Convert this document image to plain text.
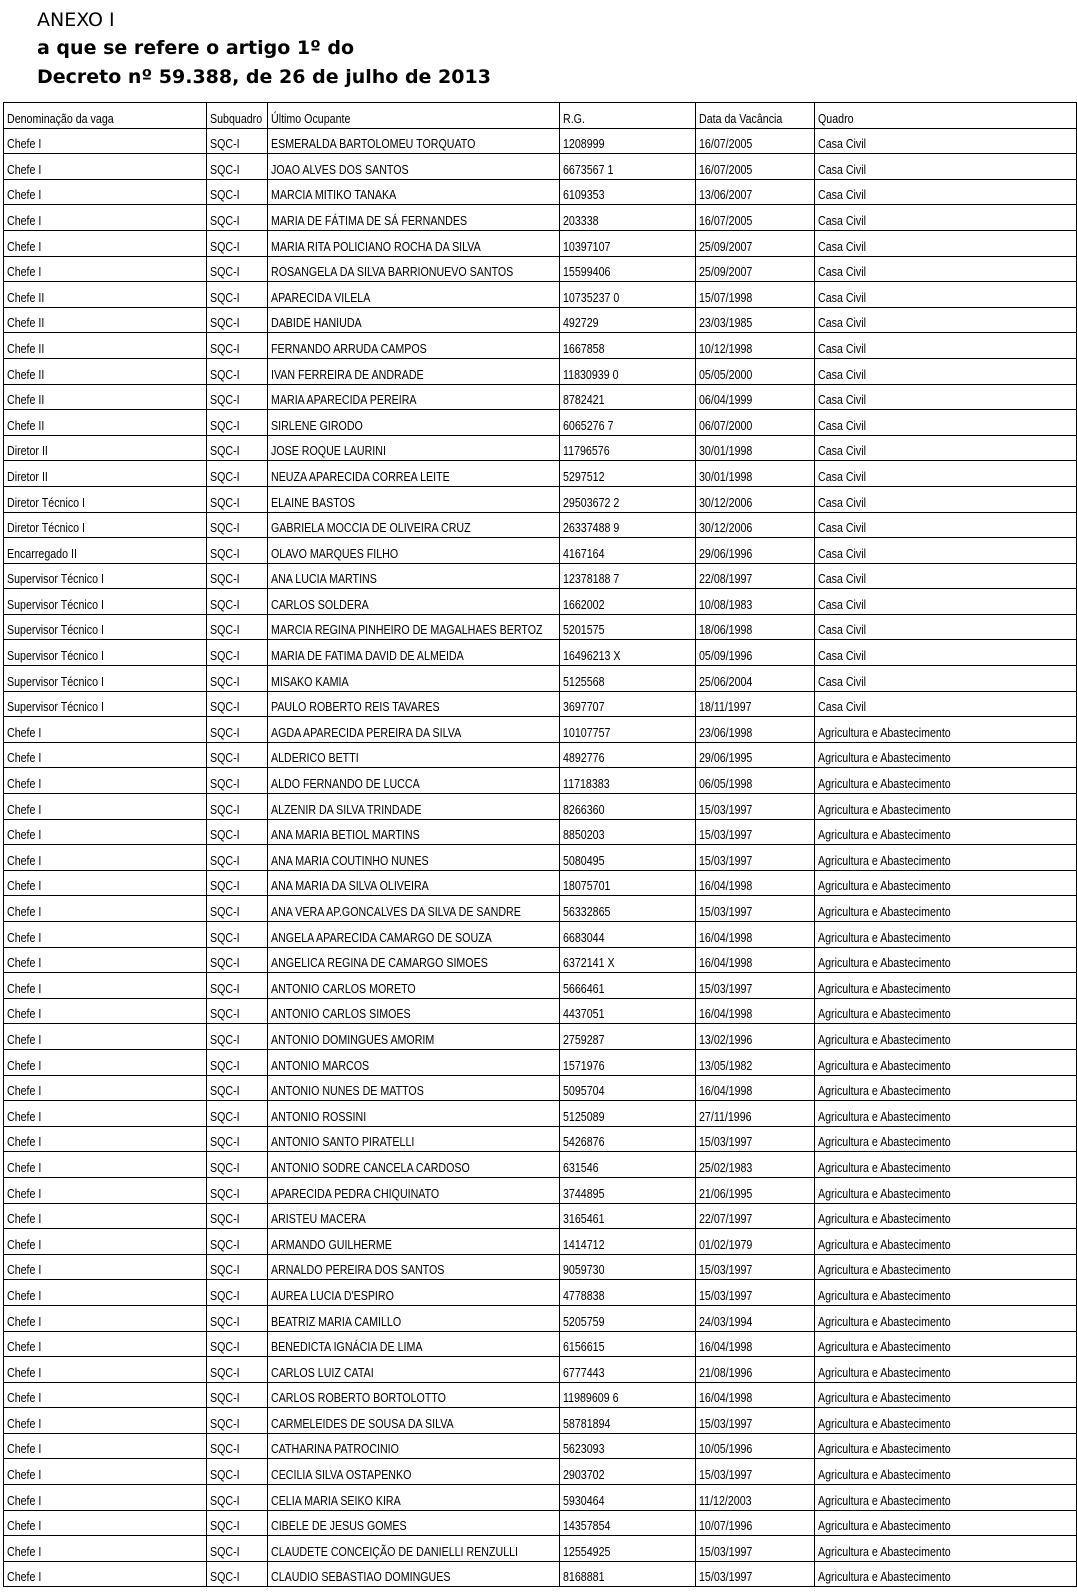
ANEXO I

a que se refere o artigo 1º do

Decreto nº 59.388, de 26 de julho de 2013

Denominação da vaga	Subquadro	Último Ocupante	R.G.	Data da Vacância	Quadro
Chefe I	SQC-I	ESMERALDA BARTOLOMEU TORQUATO	1208999	16/07/2005	Casa Civil
Chefe I	SQC-I	JOAO ALVES DOS SANTOS	6673567 1	16/07/2005	Casa Civil
Chefe I	SQC-I	MARCIA MITIKO TANAKA	6109353	13/06/2007	Casa Civil
Chefe I	SQC-I	MARIA DE FÁTIMA DE SÁ FERNANDES	203338	16/07/2005	Casa Civil
Chefe I	SQC-I	MARIA RITA POLICIANO ROCHA DA SILVA	10397107	25/09/2007	Casa Civil
Chefe I	SQC-I	ROSANGELA DA SILVA BARRIONUEVO SANTOS	15599406	25/09/2007	Casa Civil
Chefe II	SQC-I	APARECIDA VILELA	10735237 0	15/07/1998	Casa Civil
Chefe II	SQC-I	DABIDE HANIUDA	492729	23/03/1985	Casa Civil
Chefe II	SQC-I	FERNANDO ARRUDA CAMPOS	1667858	10/12/1998	Casa Civil
Chefe II	SQC-I	IVAN FERREIRA DE ANDRADE	11830939 0	05/05/2000	Casa Civil
Chefe II	SQC-I	MARIA APARECIDA PEREIRA	8782421	06/04/1999	Casa Civil
Chefe II	SQC-I	SIRLENE GIRODO	6065276 7	06/07/2000	Casa Civil
Diretor II	SQC-I	JOSE ROQUE LAURINI	11796576	30/01/1998	Casa Civil
Diretor II	SQC-I	NEUZA APARECIDA CORREA LEITE	5297512	30/01/1998	Casa Civil
Diretor Técnico I	SQC-I	ELAINE BASTOS	29503672 2	30/12/2006	Casa Civil
Diretor Técnico I	SQC-I	GABRIELA MOCCIA DE OLIVEIRA CRUZ	26337488 9	30/12/2006	Casa Civil
Encarregado II	SQC-I	OLAVO MARQUES FILHO	4167164	29/06/1996	Casa Civil
Supervisor Técnico I	SQC-I	ANA LUCIA MARTINS	12378188 7	22/08/1997	Casa Civil
Supervisor Técnico I	SQC-I	CARLOS SOLDERA	1662002	10/08/1983	Casa Civil
Supervisor Técnico I	SQC-I	MARCIA REGINA PINHEIRO DE MAGALHAES BERTOZ	5201575	18/06/1998	Casa Civil
Supervisor Técnico I	SQC-I	MARIA DE FATIMA DAVID DE ALMEIDA	16496213 X	05/09/1996	Casa Civil
Supervisor Técnico I	SQC-I	MISAKO KAMIA	5125568	25/06/2004	Casa Civil
Supervisor Técnico I	SQC-I	PAULO ROBERTO REIS TAVARES	3697707	18/11/1997	Casa Civil
Chefe I	SQC-I	AGDA APARECIDA PEREIRA DA SILVA	10107757	23/06/1998	Agricultura e Abastecimento
Chefe I	SQC-I	ALDERICO BETTI	4892776	29/06/1995	Agricultura e Abastecimento
Chefe I	SQC-I	ALDO FERNANDO DE LUCCA	11718383	06/05/1998	Agricultura e Abastecimento
Chefe I	SQC-I	ALZENIR DA SILVA TRINDADE	8266360	15/03/1997	Agricultura e Abastecimento
Chefe I	SQC-I	ANA MARIA BETIOL MARTINS	8850203	15/03/1997	Agricultura e Abastecimento
Chefe I	SQC-I	ANA MARIA COUTINHO NUNES	5080495	15/03/1997	Agricultura e Abastecimento
Chefe I	SQC-I	ANA MARIA DA SILVA OLIVEIRA	18075701	16/04/1998	Agricultura e Abastecimento
Chefe I	SQC-I	ANA VERA AP.GONCALVES DA SILVA DE SANDRE	56332865	15/03/1997	Agricultura e Abastecimento
Chefe I	SQC-I	ANGELA APARECIDA CAMARGO DE SOUZA	6683044	16/04/1998	Agricultura e Abastecimento
Chefe I	SQC-I	ANGELICA REGINA DE CAMARGO SIMOES	6372141 X	16/04/1998	Agricultura e Abastecimento
Chefe I	SQC-I	ANTONIO CARLOS MORETO	5666461	15/03/1997	Agricultura e Abastecimento
Chefe I	SQC-I	ANTONIO CARLOS SIMOES	4437051	16/04/1998	Agricultura e Abastecimento
Chefe I	SQC-I	ANTONIO DOMINGUES AMORIM	2759287	13/02/1996	Agricultura e Abastecimento
Chefe I	SQC-I	ANTONIO MARCOS	1571976	13/05/1982	Agricultura e Abastecimento
Chefe I	SQC-I	ANTONIO NUNES DE MATTOS	5095704	16/04/1998	Agricultura e Abastecimento
Chefe I	SQC-I	ANTONIO ROSSINI	5125089	27/11/1996	Agricultura e Abastecimento
Chefe I	SQC-I	ANTONIO SANTO PIRATELLI	5426876	15/03/1997	Agricultura e Abastecimento
Chefe I	SQC-I	ANTONIO SODRE CANCELA CARDOSO	631546	25/02/1983	Agricultura e Abastecimento
Chefe I	SQC-I	APARECIDA PEDRA CHIQUINATO	3744895	21/06/1995	Agricultura e Abastecimento
Chefe I	SQC-I	ARISTEU MACERA	3165461	22/07/1997	Agricultura e Abastecimento
Chefe I	SQC-I	ARMANDO GUILHERME	1414712	01/02/1979	Agricultura e Abastecimento
Chefe I	SQC-I	ARNALDO PEREIRA DOS SANTOS	9059730	15/03/1997	Agricultura e Abastecimento
Chefe I	SQC-I	AUREA LUCIA D'ESPIRO	4778838	15/03/1997	Agricultura e Abastecimento
Chefe I	SQC-I	BEATRIZ MARIA CAMILLO	5205759	24/03/1994	Agricultura e Abastecimento
Chefe I	SQC-I	BENEDICTA IGNÁCIA DE LIMA	6156615	16/04/1998	Agricultura e Abastecimento
Chefe I	SQC-I	CARLOS LUIZ CATAI	6777443	21/08/1996	Agricultura e Abastecimento
Chefe I	SQC-I	CARLOS ROBERTO BORTOLOTTO	11989609 6	16/04/1998	Agricultura e Abastecimento
Chefe I	SQC-I	CARMELEIDES DE SOUSA DA SILVA	58781894	15/03/1997	Agricultura e Abastecimento
Chefe I	SQC-I	CATHARINA PATROCINIO	5623093	10/05/1996	Agricultura e Abastecimento
Chefe I	SQC-I	CECILIA SILVA OSTAPENKO	2903702	15/03/1997	Agricultura e Abastecimento
Chefe I	SQC-I	CELIA MARIA SEIKO KIRA	5930464	11/12/2003	Agricultura e Abastecimento
Chefe I	SQC-I	CIBELE DE JESUS GOMES	14357854	10/07/1996	Agricultura e Abastecimento
Chefe I	SQC-I	CLAUDETE CONCEIÇÃO DE DANIELLI RENZULLI	12554925	15/03/1997	Agricultura e Abastecimento
Chefe I	SQC-I	CLAUDIO SEBASTIAO DOMINGUES	8168881	15/03/1997	Agricultura e Abastecimento
